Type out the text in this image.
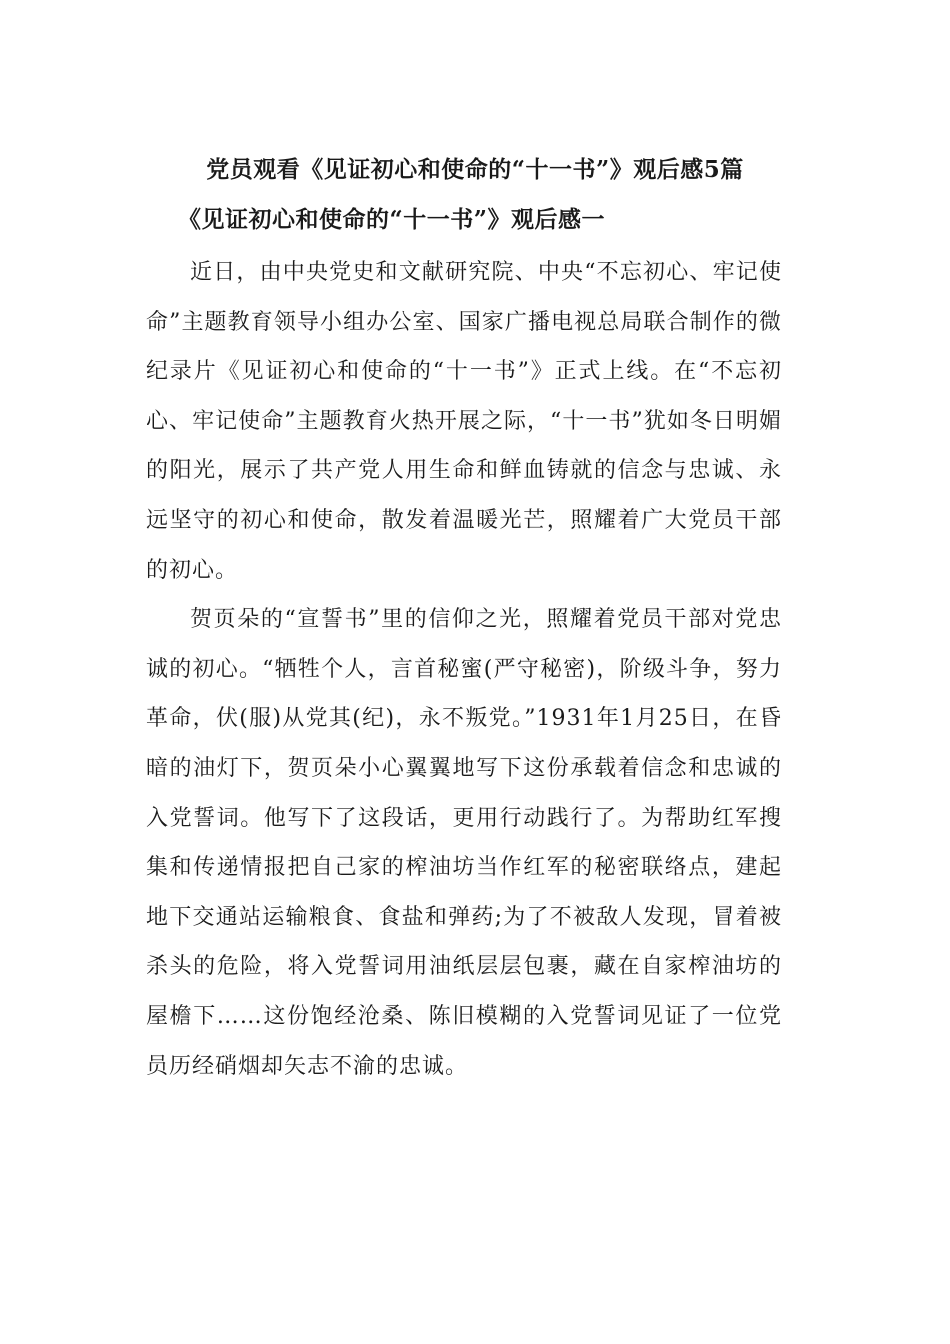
党员观看《见证初心和使命的“十一书”》观后感5篇
《见证初心和使命的“十一书”》观后感一

近日，由中央党史和文献研究院、中央“不忘初心、牢记使命”主题教育领导小组办公室、国家广播电视总局联合制作的微纪录片《见证初心和使命的“十一书”》正式上线。在“不忘初心、牢记使命”主题教育火热开展之际，“十一书”犹如冬日明媚的阳光，展示了共产党人用生命和鲜血铸就的信念与忠诚、永远坚守的初心和使命，散发着温暖光芒，照耀着广大党员干部的初心。

贺页朵的“宣誓书”里的信仰之光，照耀着党员干部对党忠诚的初心。“牺牲个人，言首秘蜜(严守秘密)，阶级斗争，努力革命，伏(服)从党其(纪)，永不叛党。”1931年1月25日，在昏暗的油灯下，贺页朵小心翼翼地写下这份承载着信念和忠诚的入党誓词。他写下了这段话，更用行动践行了。为帮助红军搜集和传递情报把自己家的榨油坊当作红军的秘密联络点，建起地下交通站运输粮食、食盐和弹药;为了不被敌人发现，冒着被杀头的危险，将入党誓词用油纸层层包裹，藏在自家榨油坊的屋檐下……这份饱经沧桑、陈旧模糊的入党誓词见证了一位党员历经硝烟却矢志不渝的忠诚。
